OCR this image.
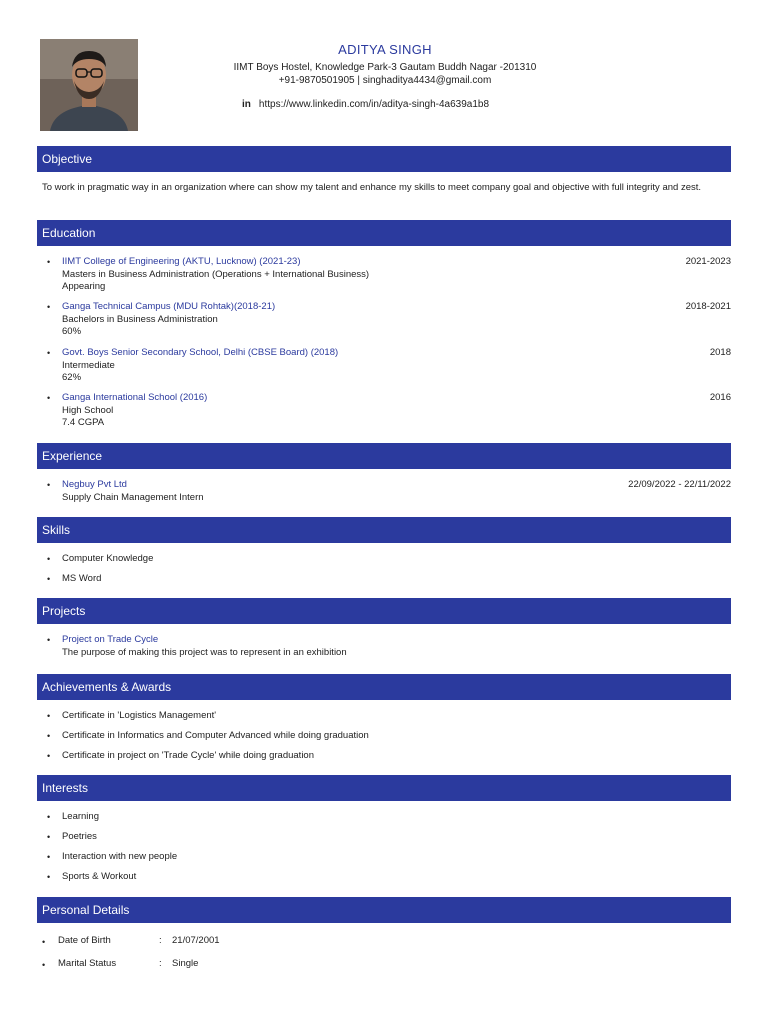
ADITYA SINGH
IIMT Boys Hostel, Knowledge Park-3 Gautam Buddh Nagar -201310
+91-9870501905 | singhaditya4434@gmail.com
in https://www.linkedin.com/in/aditya-singh-4a639a1b8
Objective
To work in pragmatic way in an organization where can show my talent and enhance my skills to meet company goal and objective with full integrity and zest.
Education
• IIMT College of Engineering (AKTU, Lucknow) (2021-23)
Masters in Business Administration (Operations + International Business)
Appearing
2021-2023
• Ganga Technical Campus (MDU Rohtak)(2018-21)
Bachelors in Business Administration
60%
2018-2021
• Govt. Boys Senior Secondary School, Delhi (CBSE Board) (2018)
Intermediate
62%
2018
• Ganga International School (2016)
High School
7.4 CGPA
2016
Experience
• Negbuy Pvt Ltd
Supply Chain Management Intern
22/09/2022 - 22/11/2022
Skills
• Computer Knowledge
• MS Word
Projects
• Project on Trade Cycle
The purpose of making this project was to represent in an exhibition
Achievements & Awards
• Certificate in 'Logistics Management'
• Certificate in Informatics and Computer Advanced while doing graduation
• Certificate in project on 'Trade Cycle' while doing graduation
Interests
• Learning
• Poetries
• Interaction with new people
• Sports & Workout
Personal Details
• Date of Birth	: 21/07/2001
• Marital Status	: Single
